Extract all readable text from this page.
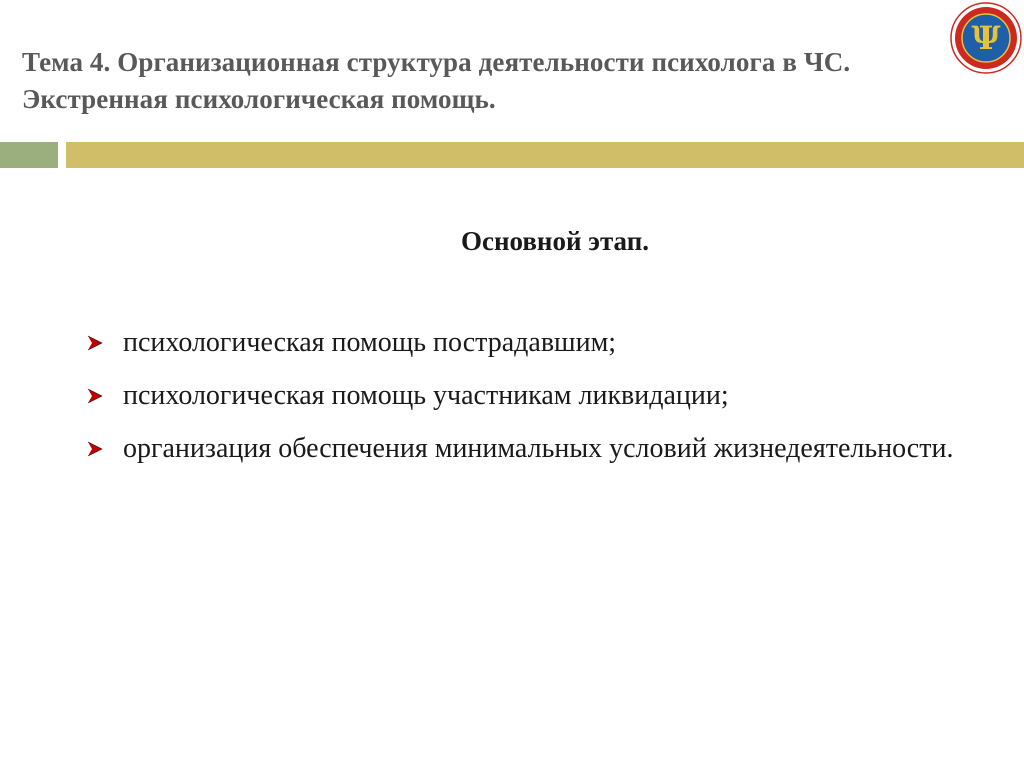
Тема 4. Организационная структура деятельности психолога в ЧС.
Экстренная психологическая помощь.
Ψ
Основной этап.
психологическая помощь пострадавшим;
психологическая помощь участникам ликвидации;
организация обеспечения минимальных условий жизнедеятельности.
